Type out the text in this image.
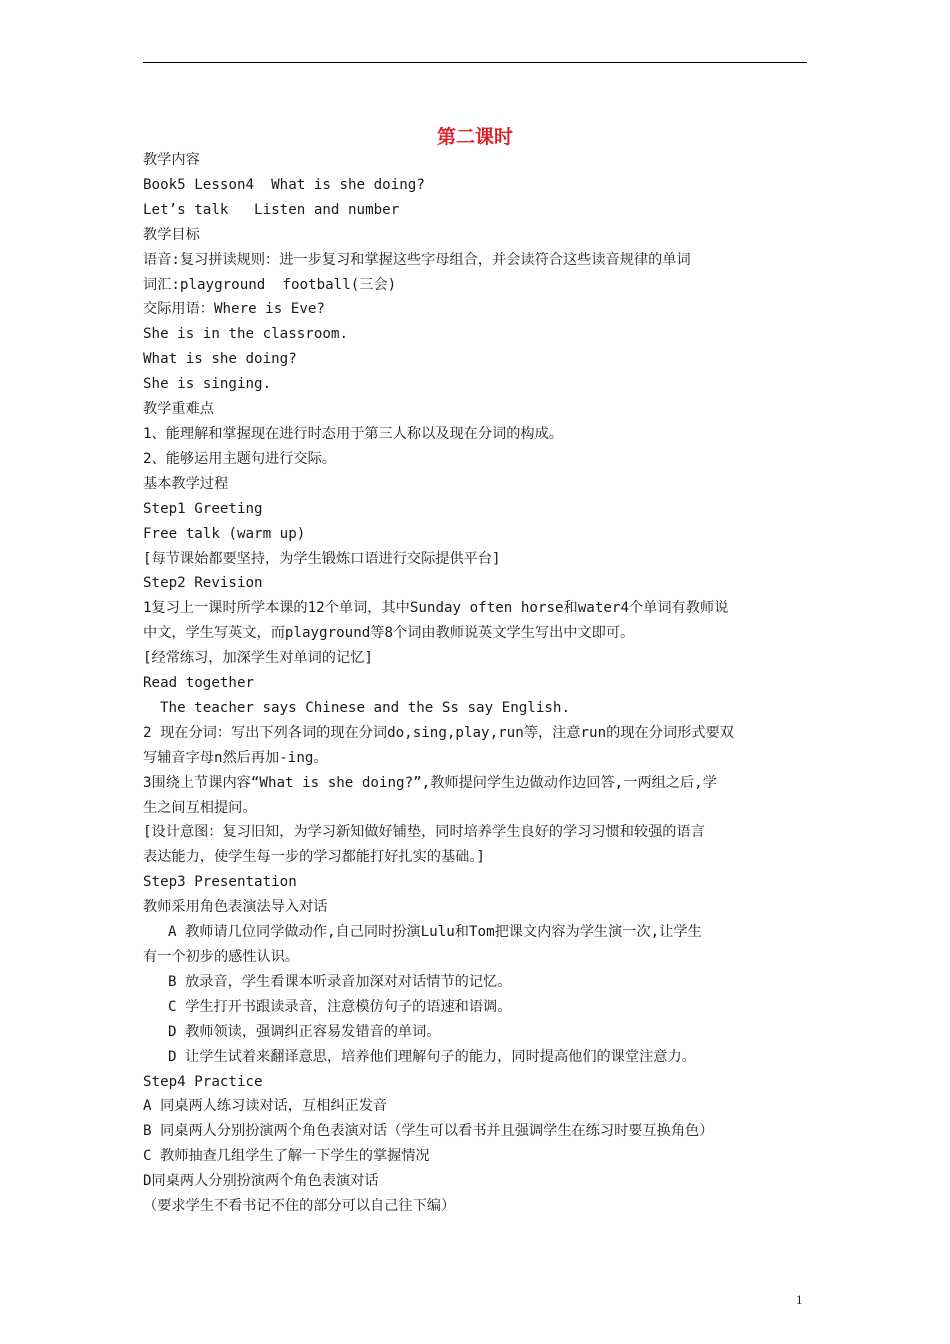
第二课时

教学内容

Book5 Lesson4  What is she doing?

Let’s talk   Listen and number

教学目标

语音:复习拼读规则：进一步复习和掌握这些字母组合，并会读符合这些读音规律的单词

词汇:playground  football(三会)

交际用语：Where is Eve?

She is in the classroom.

What is she doing?

She is singing.

教学重难点

1、能理解和掌握现在进行时态用于第三人称以及现在分词的构成。

2、能够运用主题句进行交际。

基本教学过程

Step1 Greeting

Free talk (warm up)

[每节课始都要坚持，为学生锻炼口语进行交际提供平台]

Step2 Revision

1复习上一课时所学本课的12个单词，其中Sunday often horse和water4个单词有教师说

中文，学生写英文，而playground等8个词由教师说英文学生写出中文即可。

[经常练习，加深学生对单词的记忆]

Read together

The teacher says Chinese and the Ss say English.

2 现在分词：写出下列各词的现在分词do,sing,play,run等，注意run的现在分词形式要双

写辅音字母n然后再加-ing。

3围绕上节课内容“What is she doing?”,教师提问学生边做动作边回答,一两组之后,学

生之间互相提问。

[设计意图：复习旧知，为学习新知做好铺垫，同时培养学生良好的学习习惯和较强的语言

表达能力，使学生每一步的学习都能打好扎实的基础。]

Step3 Presentation

教师采用角色表演法导入对话

A 教师请几位同学做动作,自己同时扮演Lulu和Tom把课文内容为学生演一次,让学生

有一个初步的感性认识。

B 放录音，学生看课本听录音加深对对话情节的记忆。

C 学生打开书跟读录音，注意模仿句子的语速和语调。

D 教师领读，强调纠正容易发错音的单词。

D 让学生试着来翻译意思，培养他们理解句子的能力，同时提高他们的课堂注意力。

Step4 Practice

A 同桌两人练习读对话，互相纠正发音

B 同桌两人分别扮演两个角色表演对话（学生可以看书并且强调学生在练习时要互换角色）

C 教师抽查几组学生了解一下学生的掌握情况

D同桌两人分别扮演两个角色表演对话

（要求学生不看书记不住的部分可以自己往下编）

1
